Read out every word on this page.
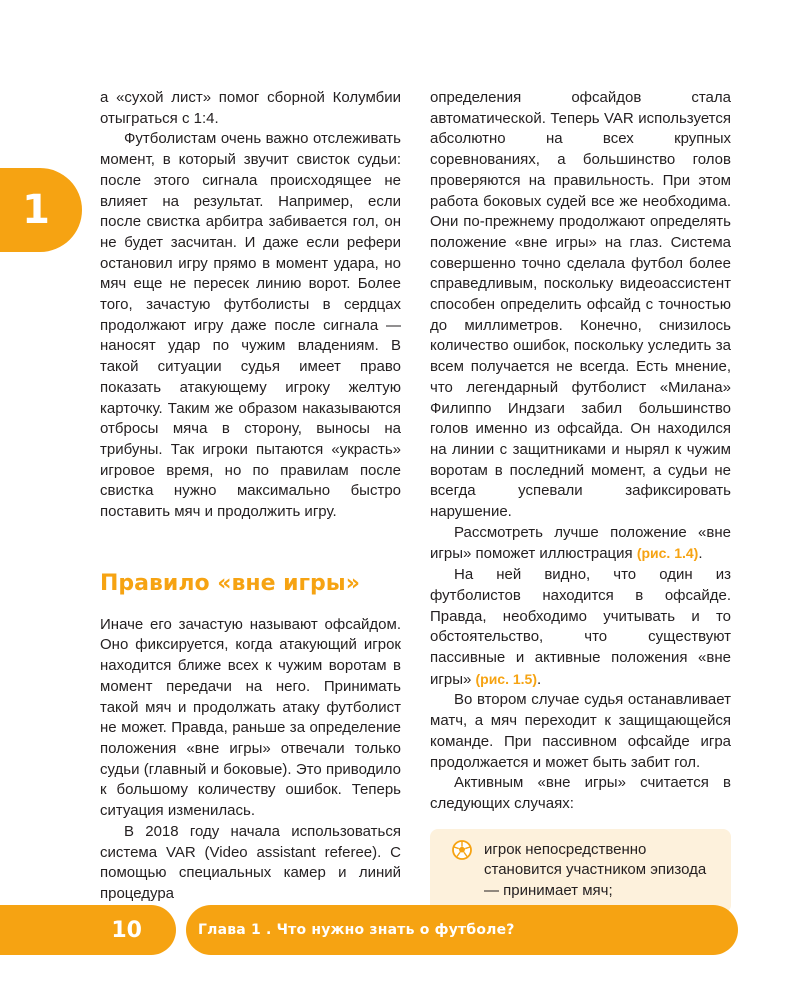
1

а «сухой лист» помог сборной Колумбии отыграться с 1:4.

Футболистам очень важно отслеживать момент, в который звучит свисток судьи: после этого сигнала происходящее не влияет на результат. Например, если после свистка арбитра забивается гол, он не будет засчитан. И даже если рефери остановил игру прямо в момент удара, но мяч еще не пересек линию ворот. Более того, зачастую футболисты в сердцах продолжают игру даже после сигнала — наносят удар по чужим владениям. В такой ситуации судья имеет право показать атакующему игроку желтую карточку. Таким же образом наказываются отбросы мяча в сторону, выносы на трибуны. Так игроки пытаются «украсть» игровое время, но по правилам после свистка нужно максимально быстро поставить мяч и продолжить игру.

Правило «вне игры»

Иначе его зачастую называют офсайдом. Оно фиксируется, когда атакующий игрок находится ближе всех к чужим воротам в момент передачи на него. Принимать такой мяч и продолжать атаку футболист не может. Правда, раньше за определение положения «вне игры» отвечали только судьи (главный и боковые). Это приводило к большому количеству ошибок. Теперь ситуация изменилась.

В 2018 году начала использоваться система VAR (Video assistant referee). С помощью специальных камер и линий процедура

определения офсайдов стала автоматической. Теперь VAR используется абсолютно на всех крупных соревнованиях, а большинство голов проверяются на правильность. При этом работа боковых судей все же необходима. Они по-прежнему продолжают определять положение «вне игры» на глаз. Система совершенно точно сделала футбол более справедливым, поскольку видеоассистент способен определить офсайд с точностью до миллиметров. Конечно, снизилось количество ошибок, поскольку уследить за всем получается не всегда. Есть мнение, что легендарный футболист «Милана» Филиппо Индзаги забил большинство голов именно из офсайда. Он находился на линии с защитниками и нырял к чужим воротам в последний момент, а судьи не всегда успевали зафиксировать нарушение.

Рассмотреть лучше положение «вне игры» поможет иллюстрация (рис. 1.4).

На ней видно, что один из футболистов находится в офсайде. Правда, необходимо учитывать и то обстоятельство, что существуют пассивные и активные положения «вне игры» (рис. 1.5).

Во втором случае судья останавливает матч, а мяч переходит к защищающейся команде. При пассивном офсайде игра продолжается и может быть забит гол.

Активным «вне игры» считается в следующих случаях:

игрок непосредственно становится участником эпизода — принимает мяч;

10	Глава 1 . Что нужно знать о футболе?
